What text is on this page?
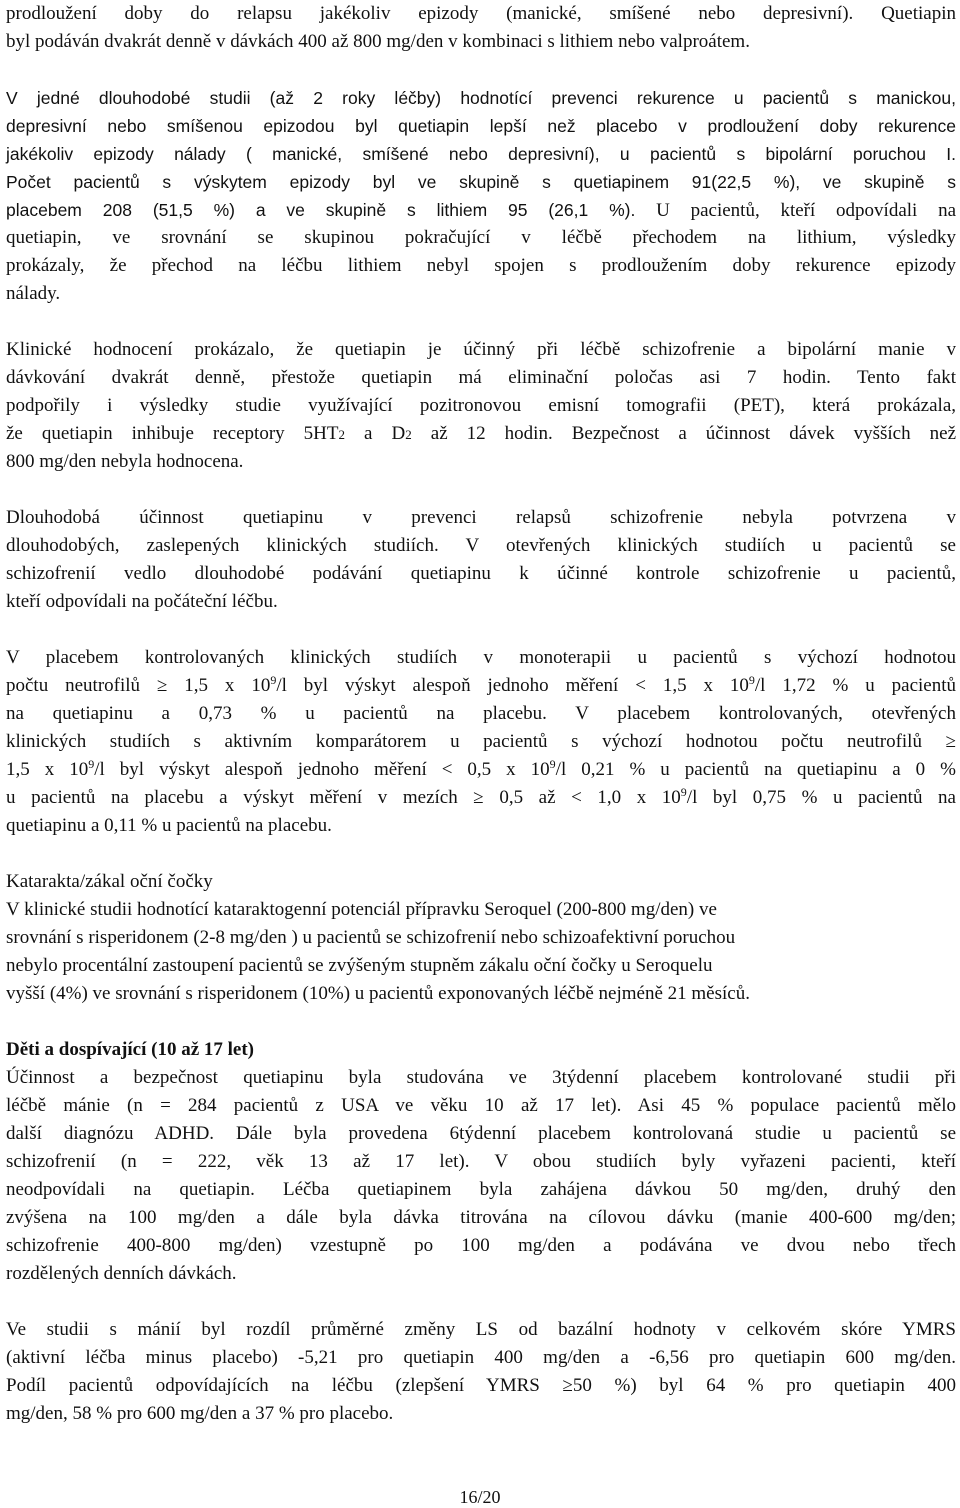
prodloužení doby do relapsu jakékoliv epizody (manické, smíšené nebo depresivní). Quetiapin
byl podáván dvakrát denně v dávkách 400 až 800 mg/den v kombinaci s lithiem nebo valproátem.
V jedné dlouhodobé studii (až 2 roky léčby) hodnotící prevenci rekurence u pacientů s manickou,
depresivní nebo smíšenou epizodou byl quetiapin lepší než placebo v prodloužení doby rekurence
jakékoliv epizody nálady ( manické, smíšené nebo depresivní), u pacientů s bipolární poruchou I.
Počet pacientů s výskytem epizody byl ve skupině s quetiapinem 91(22,5 %), ve skupině s
placebem 208 (51,5 %) a ve skupině s lithiem 95 (26,1 %). U pacientů, kteří odpovídali na
quetiapin, ve srovnání se skupinou pokračující v léčbě přechodem na lithium, výsledky
prokázaly, že přechod na léčbu lithiem nebyl spojen s prodloužením doby rekurence epizody
nálady.
Klinické hodnocení prokázalo, že quetiapin je účinný při léčbě schizofrenie a bipolární manie v
dávkování dvakrát denně, přestože quetiapin má eliminační poločas asi 7 hodin. Tento fakt
podpořily i výsledky studie využívající pozitronovou emisní tomografii (PET), která prokázala,
že quetiapin inhibuje receptory 5HT2 a D2 až 12 hodin. Bezpečnost a účinnost dávek vyšších než
800 mg/den nebyla hodnocena.
Dlouhodobá účinnost quetiapinu v prevenci relapsů schizofrenie nebyla potvrzena v
dlouhodobých, zaslepených klinických studiích. V otevřených klinických studiích u pacientů se
schizofrenií vedlo dlouhodobé podávání quetiapinu k účinné kontrole schizofrenie u pacientů,
kteří odpovídali na počáteční léčbu.
V placebem kontrolovaných klinických studiích v monoterapii u pacientů s výchozí hodnotou
počtu neutrofilů ≥ 1,5 x $10^9/l$ byl výskyt alespoň jednoho měření < 1,5 x $10^9/l$ 1,72 % u pacientů
na quetiapinu a 0,73 % u pacientů na placebu. V placebem kontrolovaných, otevřených
klinických studiích s aktivním komparátorem u pacientů s výchozí hodnotou počtu neutrofilů ≥
1,5 x $10^9/l$ byl výskyt alespoň jednoho měření < 0,5 x $10^9/l$ 0,21 % u pacientů na quetiapinu a 0 %
u pacientů na placebu a výskyt měření v mezích ≥ 0,5 až < 1,0 x $10^9/l$ byl 0,75 % u pacientů na
quetiapinu a 0,11 % u pacientů na placebu.
Katarakta/zákal oční čočky
V klinické studii hodnotící kataraktogenní potenciál přípravku Seroquel (200-800 mg/den) ve
srovnání s risperidonem (2-8 mg/den ) u pacientů se schizofrenií nebo schizoafektivní poruchou
nebylo procentální zastoupení pacientů se zvýšeným stupněm zákalu oční čočky u Seroquelu
vyšší (4%) ve srovnání s risperidonem (10%) u pacientů exponovaných léčbě nejméně 21 měsíců.
Děti a dospívající (10 až 17 let)
Účinnost a bezpečnost quetiapinu byla studována ve 3týdenní placebem kontrolované studii při
léčbě mánie (n = 284 pacientů z USA ve věku 10 až 17 let). Asi 45 % populace pacientů mělo
další diagnózu ADHD. Dále byla provedena 6týdenní placebem kontrolovaná studie u pacientů se
schizofrenií (n = 222, věk 13 až 17 let). V obou studiích byly vyřazeni pacienti, kteří
neodpovídali na quetiapin. Léčba quetiapinem byla zahájena dávkou 50 mg/den, druhý den
zvýšena na 100 mg/den a dále byla dávka titrována na cílovou dávku (manie 400-600 mg/den;
schizofrenie 400-800 mg/den) vzestupně po 100 mg/den a podávána ve dvou nebo třech
rozdělených denních dávkách.
Ve studii s mánií byl rozdíl průměrné změny LS od bazální hodnoty v celkovém skóre YMRS
(aktivní léčba minus placebo) -5,21 pro quetiapin 400 mg/den a -6,56 pro quetiapin 600 mg/den.
Podíl pacientů odpovídajících na léčbu (zlepšení YMRS ≥50 %) byl 64 % pro quetiapin 400
mg/den, 58 % pro 600 mg/den a 37 % pro placebo.
16/20
